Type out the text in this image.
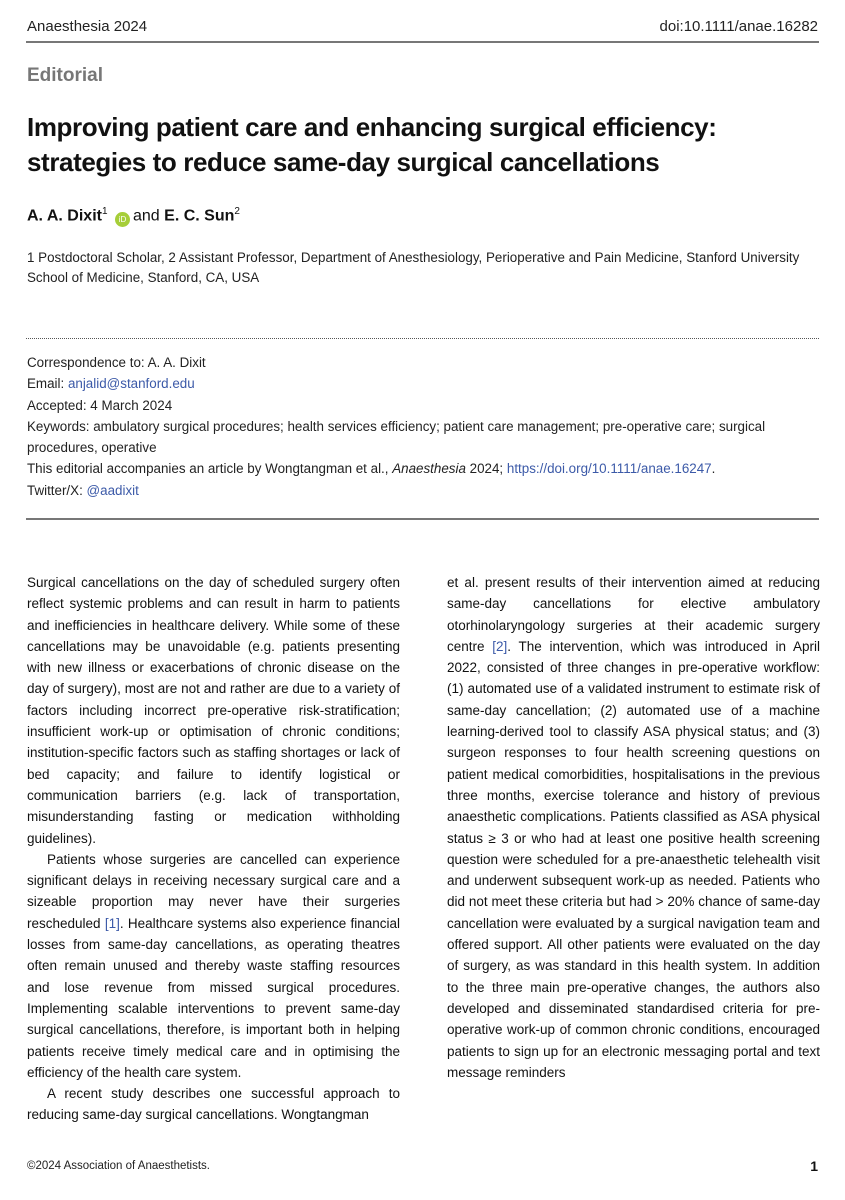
Anaesthesia 2024	doi:10.1111/anae.16282
Editorial
Improving patient care and enhancing surgical efficiency: strategies to reduce same-day surgical cancellations
A. A. Dixit$^1$ iD and E. C. Sun$^2$
1 Postdoctoral Scholar, 2 Assistant Professor, Department of Anesthesiology, Perioperative and Pain Medicine, Stanford University School of Medicine, Stanford, CA, USA
Correspondence to: A. A. Dixit
Email: anjalid@stanford.edu
Accepted: 4 March 2024
Keywords: ambulatory surgical procedures; health services efficiency; patient care management; pre-operative care; surgical procedures, operative
This editorial accompanies an article by Wongtangman et al., Anaesthesia 2024; https://doi.org/10.1111/anae.16247.
Twitter/X: @aadixit

Surgical cancellations on the day of scheduled surgery often reflect systemic problems and can result in harm to patients and inefficiencies in healthcare delivery. While some of these cancellations may be unavoidable (e.g. patients presenting with new illness or exacerbations of chronic disease on the day of surgery), most are not and rather are due to a variety of factors including incorrect pre-operative risk-stratification; insufficient work-up or optimisation of chronic conditions; institution-specific factors such as staffing shortages or lack of bed capacity; and failure to identify logistical or communication barriers (e.g. lack of transportation, misunderstanding fasting or medication withholding guidelines).

Patients whose surgeries are cancelled can experience significant delays in receiving necessary surgical care and a sizeable proportion may never have their surgeries rescheduled [1]. Healthcare systems also experience financial losses from same-day cancellations, as operating theatres often remain unused and thereby waste staffing resources and lose revenue from missed surgical procedures. Implementing scalable interventions to prevent same-day surgical cancellations, therefore, is important both in helping patients receive timely medical care and in optimising the efficiency of the health care system.

A recent study describes one successful approach to reducing same-day surgical cancellations. Wongtangman

et al. present results of their intervention aimed at reducing same-day cancellations for elective ambulatory otorhinolaryngology surgeries at their academic surgery centre [2]. The intervention, which was introduced in April 2022, consisted of three changes in pre-operative workflow: (1) automated use of a validated instrument to estimate risk of same-day cancellation; (2) automated use of a machine learning-derived tool to classify ASA physical status; and (3) surgeon responses to four health screening questions on patient medical comorbidities, hospitalisations in the previous three months, exercise tolerance and history of previous anaesthetic complications. Patients classified as ASA physical status ≥ 3 or who had at least one positive health screening question were scheduled for a pre-anaesthetic telehealth visit and underwent subsequent work-up as needed. Patients who did not meet these criteria but had > 20% chance of same-day cancellation were evaluated by a surgical navigation team and offered support. All other patients were evaluated on the day of surgery, as was standard in this health system. In addition to the three main pre-operative changes, the authors also developed and disseminated standardised criteria for pre-operative work-up of common chronic conditions, encouraged patients to sign up for an electronic messaging portal and text message reminders

©2024 Association of Anaesthetists.	1
